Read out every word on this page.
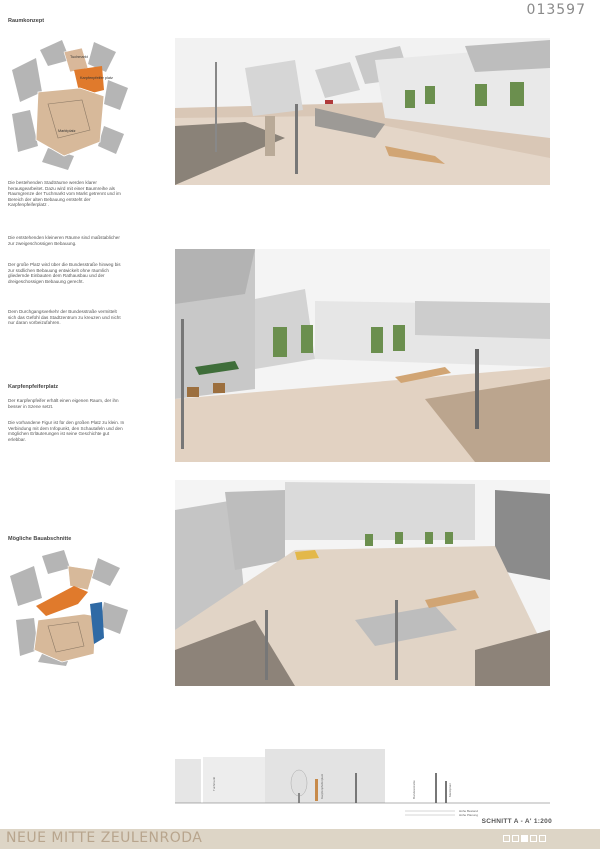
013597
Raumkonzept
Tuchmarkt
Karpfenpfeifer platz
Marktplatz
Die bestehenden Stadträume werden klarer herausgearbeitet. Dazu wird mit einer Baumreihe als Raumgrenze der Tuchmarkt vom Markt getrennt und im Bereich der alten Bebauung entsteht der Karpfenpfeiferplatz .
Die entstehenden kleineren Räume sind maßstablicher zur zweigeschossigen Bebauung.
Der große Platz wird über die Bundesstraße hinweg bis zur südlichen Bebauung entwickelt ohne räumlich gliedernde Einbauten dem Rathausbau und der dreigeschossigen Bebauung gerecht.
Dem Durchgangsverkehr der Bundesstraße vermittelt sich das Gefühl das Stadtzentrum zu kreuzen und nicht nur daran vorbeizufahren.
Karpfenpfeiferplatz
Der Karpfenpfeifer erhält einen eigenen Raum, der ihn besser in Szene setzt.
Die vorhandene Figur ist für den großen Platz zu klein. In Verbindung mit dem Infopunkt, den Schautafeln und den möglichen Erläuterungen ist seine Geschichte gut erlebbar.
Mögliche Bauabschnitte
Tuchmarkt	Karpfenpfeiferplatz	Bundesstraße	Marktplatz
Höhe Bestand
Höhe Planung
SCHNITT A - A' 1:200
NEUE MITTE ZEULENRODA
